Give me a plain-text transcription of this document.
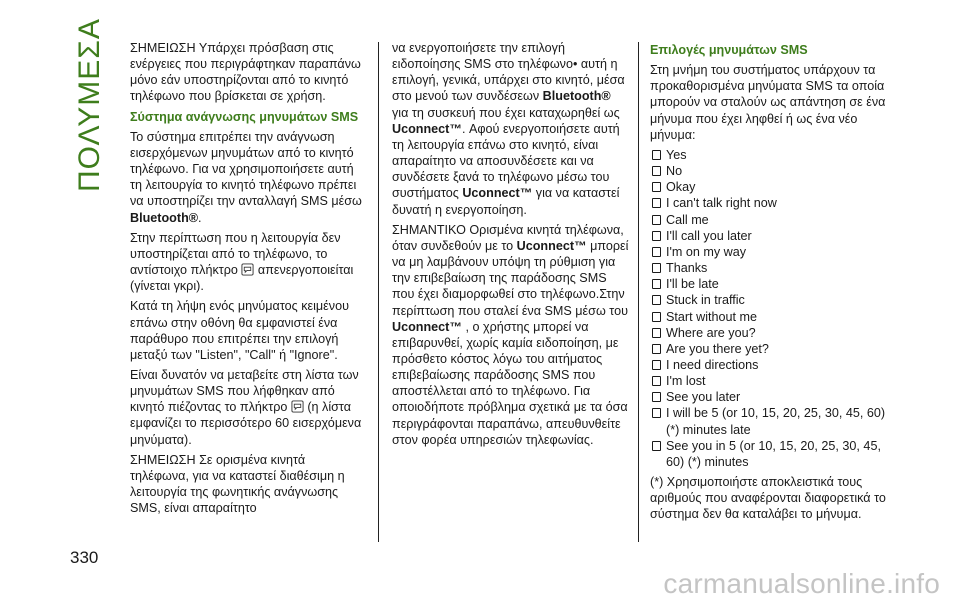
ΠΟΛΥΜΕΣΑ
330

ΣΗΜΕΙΩΣΗ Υπάρχει πρόσβαση στις ενέργειες που περιγράφτηκαν παραπάνω μόνο εάν υποστηρίζονται από το κινητό τηλέφωνο που βρίσκεται σε χρήση.

Σύστημα ανάγνωσης μηνυμάτων SMS

Το σύστημα επιτρέπει την ανάγνωση εισερχόμενων μηνυμάτων από το κινητό τηλέφωνο. Για να χρησιμοποιήσετε αυτή τη λειτουργία το κινητό τηλέφωνο πρέπει να υποστηρίζει την ανταλλαγή SMS μέσω Bluetooth®.

Στην περίπτωση που η λειτουργία δεν υποστηρίζεται από το τηλέφωνο, το αντίστοιχο πλήκτρο  απενεργοποιείται (γίνεται γκρι).

Κατά τη λήψη ενός μηνύματος κειμένου επάνω στην οθόνη θα εμφανιστεί ένα παράθυρο που επιτρέπει την επιλογή μεταξύ των "Listen", "Call" ή "Ignore".

Είναι δυνατόν να μεταβείτε στη λίστα των μηνυμάτων SMS που λήφθηκαν από κινητό πιέζοντας το πλήκτρο  (η λίστα εμφανίζει το περισσότερο 60 εισερχόμενα μηνύματα).

ΣΗΜΕΙΩΣΗ Σε ορισμένα κινητά τηλέφωνα, για να καταστεί διαθέσιμη η λειτουργία της φωνητικής ανάγνωσης SMS, είναι απαραίτητο

να ενεργοποιήσετε την επιλογή ειδοποίησης SMS στο τηλέφωνο• αυτή η επιλογή, γενικά, υπάρχει στο κινητό, μέσα στο μενού των συνδέσεων Bluetooth® για τη συσκευή που έχει καταχωρηθεί ως Uconnect™. Αφού ενεργοποιήσετε αυτή τη λειτουργία επάνω στο κινητό, είναι απαραίτητο να αποσυνδέσετε και να συνδέσετε ξανά το τηλέφωνο μέσω του συστήματος Uconnect™ για να καταστεί δυνατή η ενεργοποίηση.

ΣΗΜΑΝΤΙΚΟ Ορισμένα κινητά τηλέφωνα, όταν συνδεθούν με το Uconnect™ μπορεί να μη λαμβάνουν υπόψη τη ρύθμιση για την επιβεβαίωση της παράδοσης SMS που έχει διαμορφωθεί στο τηλέφωνο.Στην περίπτωση που σταλεί ένα SMS μέσω του Uconnect™ , ο χρήστης μπορεί να επιβαρυνθεί, χωρίς καμία ειδοποίηση, με πρόσθετο κόστος λόγω του αιτήματος επιβεβαίωσης παράδοσης SMS που αποστέλλεται από το τηλέφωνο. Για οποιοδήποτε πρόβλημα σχετικά με τα όσα περιγράφονται παραπάνω, απευθυνθείτε στον φορέα υπηρεσιών τηλεφωνίας.

Επιλογές μηνυμάτων SMS

Στη μνήμη του συστήματος υπάρχουν τα προκαθορισμένα μηνύματα SMS τα οποία μπορούν να σταλούν ως απάντηση σε ένα μήνυμα που έχει ληφθεί ή ως ένα νέο μήνυμα:

Yes
No
Okay
I can't talk right now
Call me
I'll call you later
I'm on my way
Thanks
I'll be late
Stuck in traffic
Start without me
Where are you?
Are you there yet?
I need directions
I'm lost
See you later
I will be 5 (or 10, 15, 20, 25, 30, 45, 60) (*) minutes late
See you in 5 (or 10, 15, 20, 25, 30, 45, 60) (*) minutes

(*) Χρησιμοποιήστε αποκλειστικά τους αριθμούς που αναφέρονται διαφορετικά το σύστημα δεν θα καταλάβει το μήνυμα.

carmanualsonline.info
